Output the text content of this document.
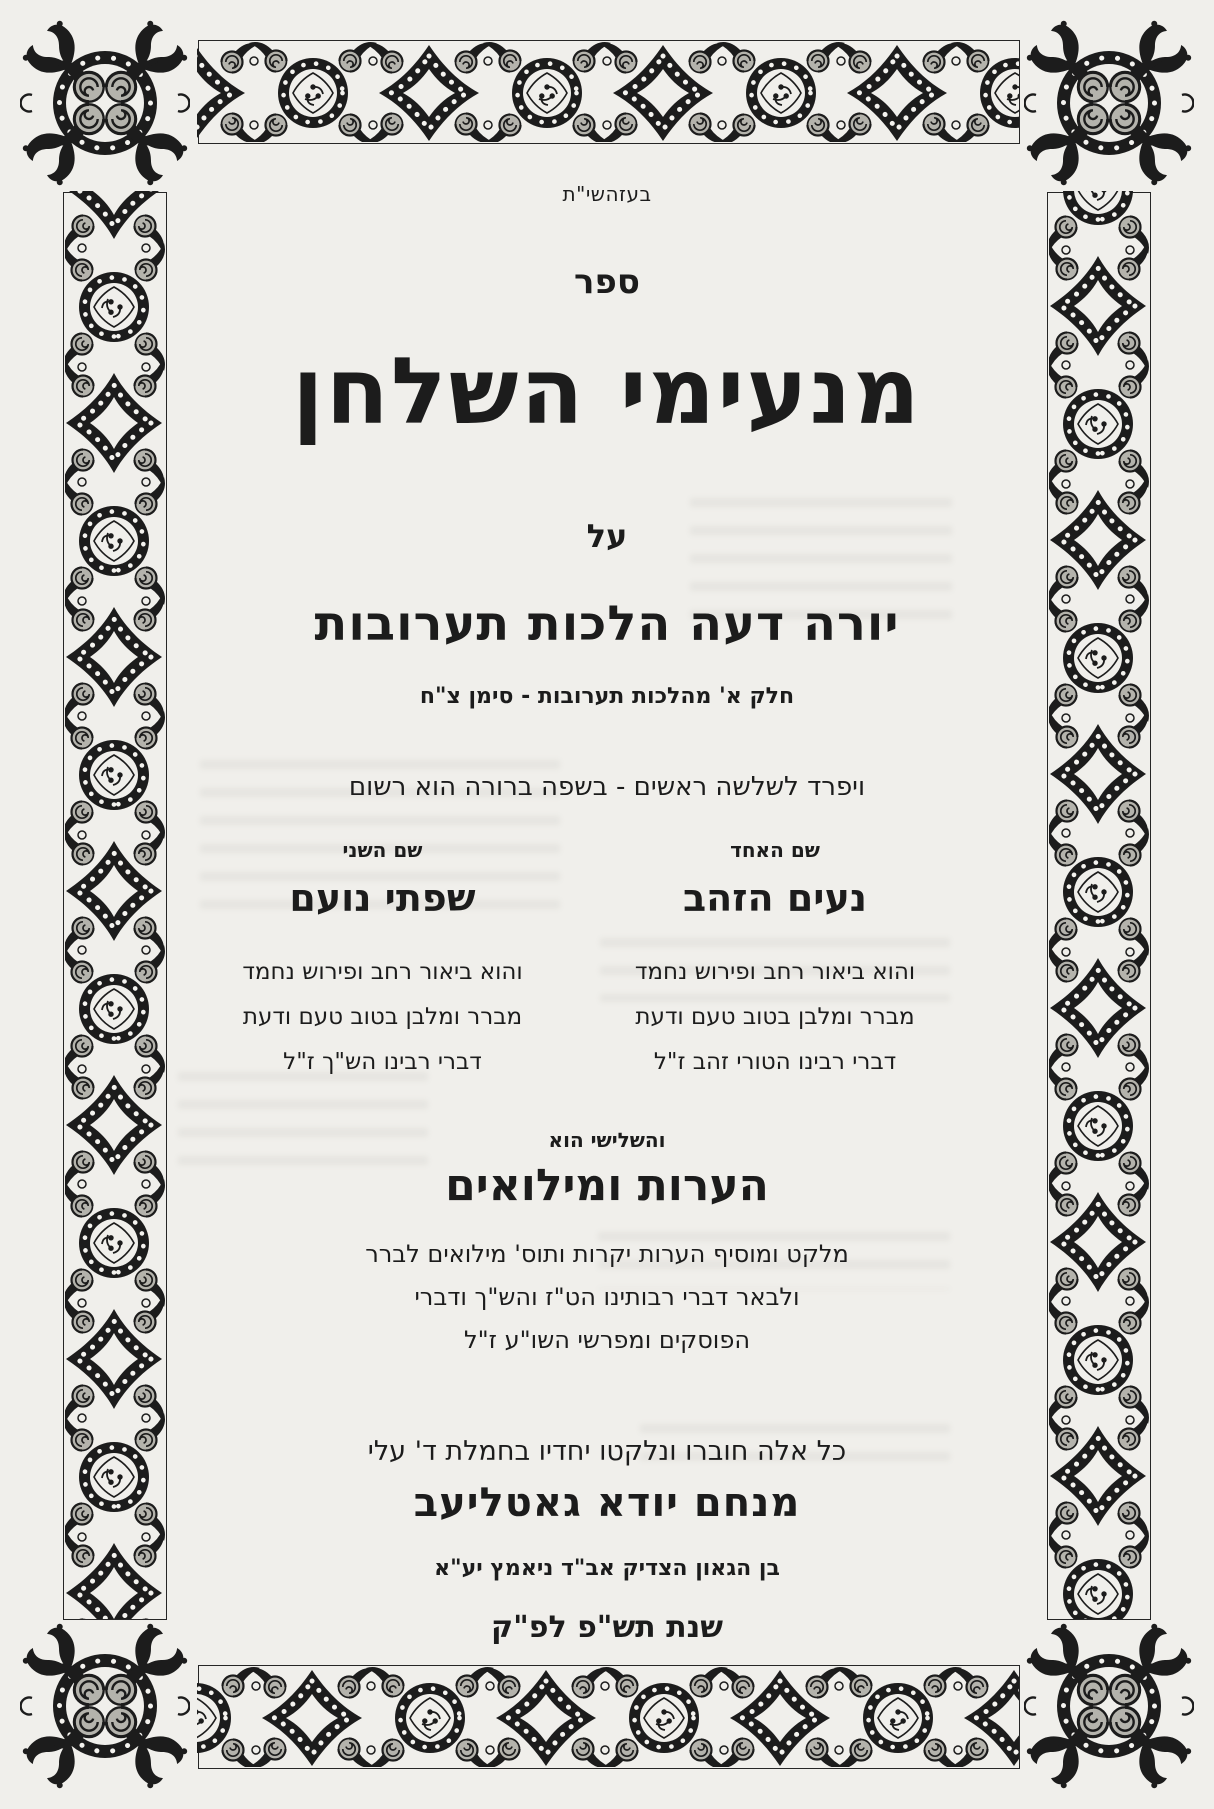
בעזהשי"ת
ספר
מנעימי השלחן
על
יורה דעה הלכות תערובות
חלק א' מהלכות תערובות - סימן צ"ח
ויפרד לשלשה ראשים - בשפה ברורה הוא רשום
שם האחד
נעים הזהב
והוא ביאור רחב ופירוש נחמד
מברר ומלבן בטוב טעם ודעת
דברי רבינו הטורי זהב ז"ל
שם השני
שפתי נועם
והוא ביאור רחב ופירוש נחמד
מברר ומלבן בטוב טעם ודעת
דברי רבינו הש"ך ז"ל
והשלישי הוא
הערות ומילואים
מלקט ומוסיף הערות יקרות ותוס' מילואים לברר
ולבאר דברי רבותינו הט"ז והש"ך ודברי
הפוסקים ומפרשי השו"ע ז"ל
כל אלה חוברו ונלקטו יחדיו בחמלת ד' עלי
מנחם יודא גאטליעב
בן הגאון הצדיק אב"ד ניאמץ יע"א
שנת תש"פ לפ"ק
